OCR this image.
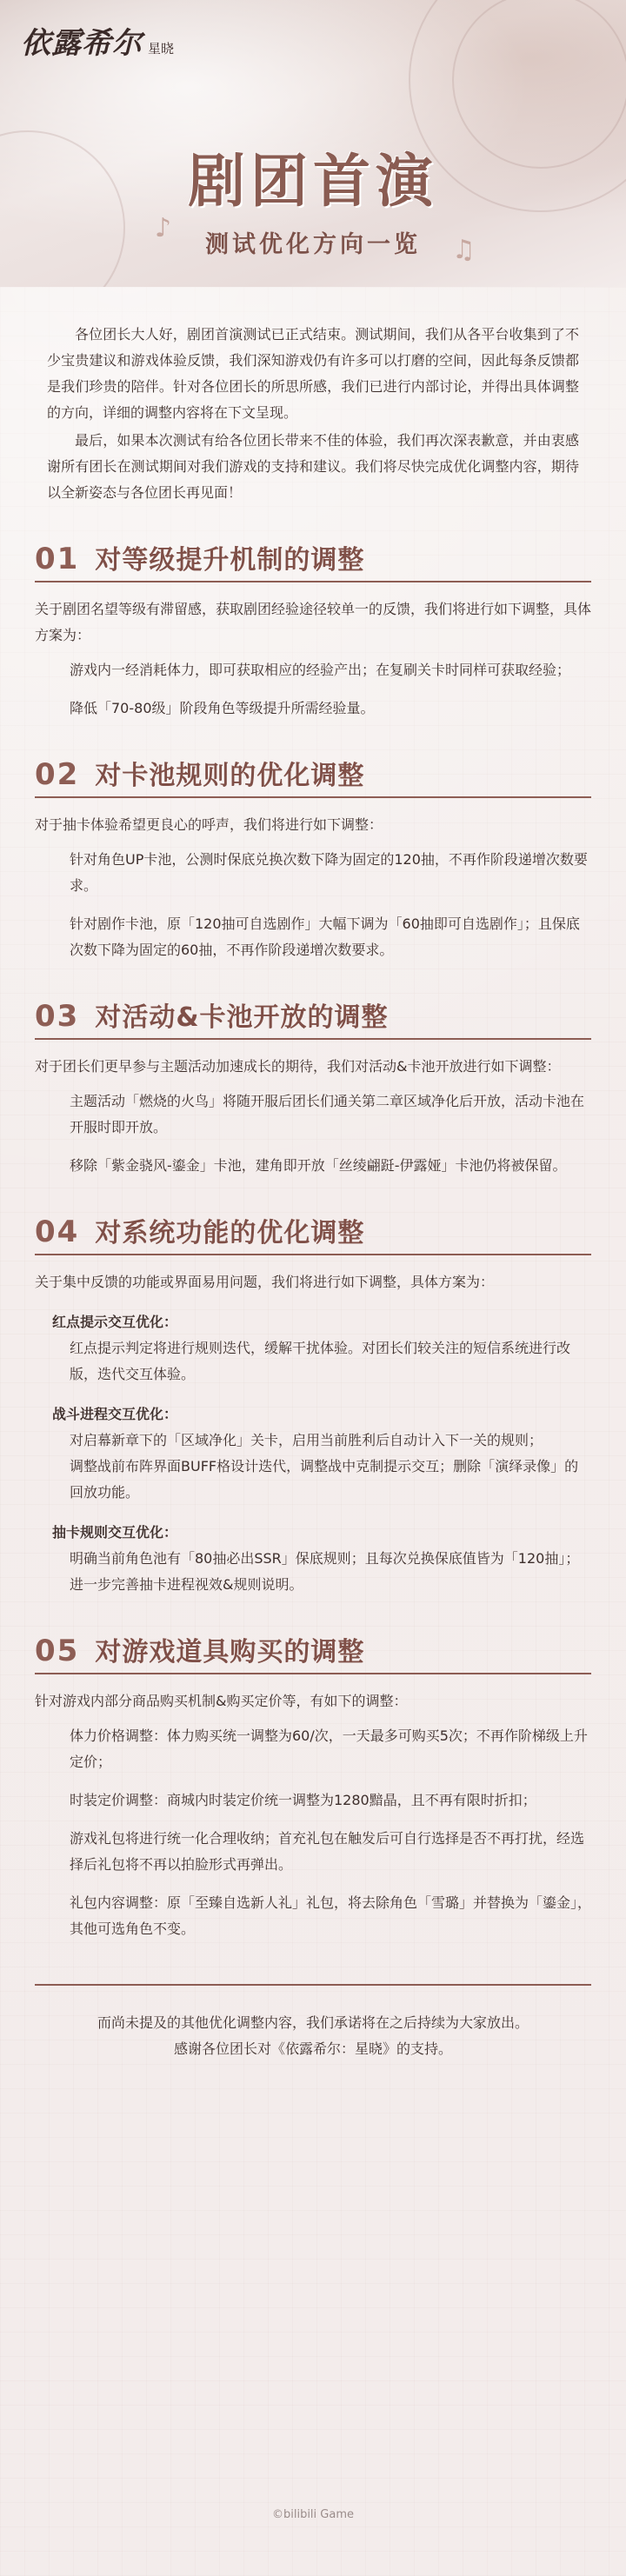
依露希尔 星晓
♪
♫
剧团首演
测试优化方向一览

各位团长大人好，剧团首演测试已正式结束。测试期间，我们从各平台收集到了不少宝贵建议和游戏体验反馈，我们深知游戏仍有许多可以打磨的空间，因此每条反馈都是我们珍贵的陪伴。针对各位团长的所思所感，我们已进行内部讨论，并得出具体调整的方向，详细的调整内容将在下文呈现。

最后，如果本次测试有给各位团长带来不佳的体验，我们再次深表歉意，并由衷感谢所有团长在测试期间对我们游戏的支持和建议。我们将尽快完成优化调整内容，期待以全新姿态与各位团长再见面！

01 对等级提升机制的调整

关于剧团名望等级有滞留感，获取剧团经验途径较单一的反馈，我们将进行如下调整，具体方案为：

游戏内一经消耗体力，即可获取相应的经验产出；在复刷关卡时同样可获取经验；

降低「70-80级」阶段角色等级提升所需经验量。

02 对卡池规则的优化调整

对于抽卡体验希望更良心的呼声，我们将进行如下调整：

针对角色UP卡池，公测时保底兑换次数下降为固定的120抽，不再作阶段递增次数要求。

针对剧作卡池，原「120抽可自选剧作」大幅下调为「60抽即可自选剧作」；且保底次数下降为固定的60抽，不再作阶段递增次数要求。

03 对活动&卡池开放的调整

对于团长们更早参与主题活动加速成长的期待，我们对活动&卡池开放进行如下调整：

主题活动「燃烧的火鸟」将随开服后团长们通关第二章区域净化后开放，活动卡池在开服时即开放。

移除「紫金骁风-鎏金」卡池，建角即开放「丝绫翩跹-伊露娅」卡池仍将被保留。

04 对系统功能的优化调整

关于集中反馈的功能或界面易用问题，我们将进行如下调整，具体方案为：

红点提示交互优化：

红点提示判定将进行规则迭代，缓解干扰体验。对团长们较关注的短信系统进行改版，迭代交互体验。

战斗进程交互优化：

对启幕新章下的「区域净化」关卡，启用当前胜利后自动计入下一关的规则；

调整战前布阵界面BUFF格设计迭代，调整战中克制提示交互；删除「演绎录像」的回放功能。

抽卡规则交互优化：

明确当前角色池有「80抽必出SSR」保底规则；且每次兑换保底值皆为「120抽」；

进一步完善抽卡进程视效&规则说明。

05 对游戏道具购买的调整

针对游戏内部分商品购买机制&购买定价等，有如下的调整：

体力价格调整：体力购买统一调整为60/次，一天最多可购买5次；不再作阶梯级上升定价；

时装定价调整：商城内时装定价统一调整为1280黯晶，且不再有限时折扣；

游戏礼包将进行统一化合理收纳；首充礼包在触发后可自行选择是否不再打扰，经选择后礼包将不再以拍脸形式再弹出。

礼包内容调整：原「至臻自选新人礼」礼包，将去除角色「雪璐」并替换为「鎏金」，其他可选角色不变。

而尚未提及的其他优化调整内容，我们承诺将在之后持续为大家放出。

感谢各位团长对《依露希尔：星晓》的支持。

©bilibili Game
